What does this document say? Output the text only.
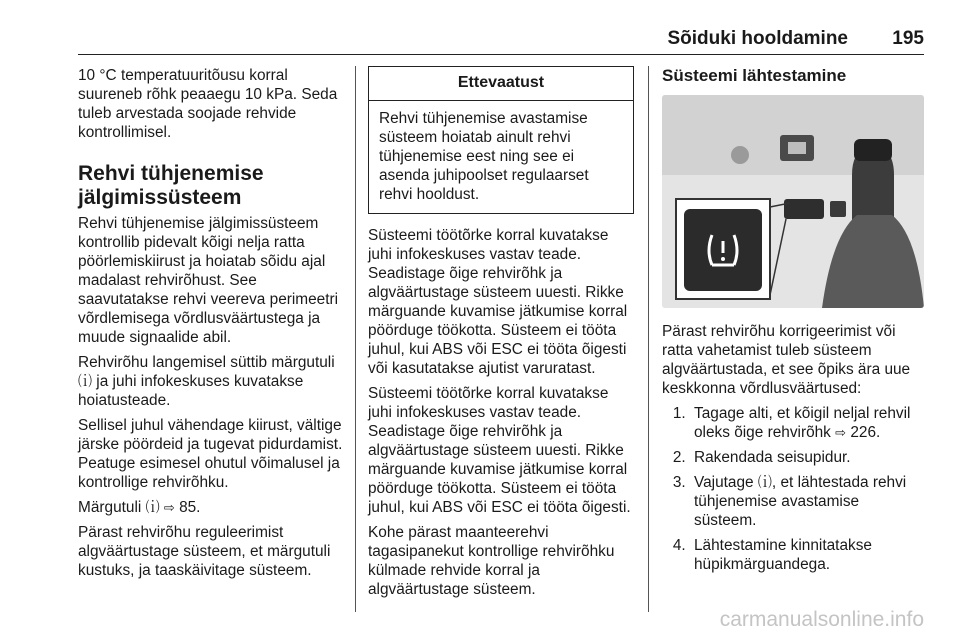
Sõiduki hooldamine 195

10 °C temperatuuritõusu korral suureneb rõhk peaaegu 10 kPa. Seda tuleb arvestada soojade rehvide kontrollimisel.

Rehvi tühjenemise jälgimissüsteem

Rehvi tühjenemise jälgimissüsteem kontrollib pidevalt kõigi nelja ratta pöörlemiskiirust ja hoiatab sõidu ajal madalast rehvirõhust. See saavutatakse rehvi veereva perimeetri võrdlemisega võrdlusväärtustega ja muude signaalide abil.

Rehvirõhu langemisel süttib märgutuli ⒤ ja juhi infokeskuses kuvatakse hoiatusteade.

Sellisel juhul vähendage kiirust, vältige järske pöördeid ja tugevat pidurdamist. Peatuge esimesel ohutul võimalusel ja kontrollige rehvirõhku.

Märgutuli ⒤ ⇨ 85.

Pärast rehvirõhu reguleerimist algväärtustage süsteem, et märgutuli kustuks, ja taaskäivitage süsteem.

Ettevaatust
Rehvi tühjenemise avastamise süsteem hoiatab ainult rehvi tühjenemise eest ning see ei asenda juhipoolset regulaarset rehvi hooldust.

Süsteemi töötõrke korral kuvatakse juhi infokeskuses vastav teade. Seadistage õige rehvirõhk ja algväärtustage süsteem uuesti. Rikke märguande kuvamise jätkumise korral pöörduge töökotta. Süsteem ei tööta juhul, kui ABS või ESC ei tööta õigesti või kasutatakse ajutist varuratast.

Süsteemi töötõrke korral kuvatakse juhi infokeskuses vastav teade. Seadistage õige rehvirõhk ja algväärtustage süsteem uuesti. Rikke märguande kuvamise jätkumise korral pöörduge töökotta. Süsteem ei tööta juhul, kui ABS või ESC ei tööta õigesti.

Kohe pärast maanteerehvi tagasipanekut kontrollige rehvirõhku külmade rehvide korral ja algväärtustage süsteem.

Süsteemi lähtestamine

Pärast rehvirõhu korrigeerimist või ratta vahetamist tuleb süsteem algväärtustada, et see õpiks ära uue keskkonna võrdlusväärtused:

1. Tagage alti, et kõigil neljal rehvil oleks õige rehvirõhk ⇨ 226.
2. Rakendada seisupidur.
3. Vajutage ⒤, et lähtestada rehvi tühjenemise avastamise süsteem.
4. Lähtestamine kinnitatakse hüpikmärguandega.
carmanualsonline.info
